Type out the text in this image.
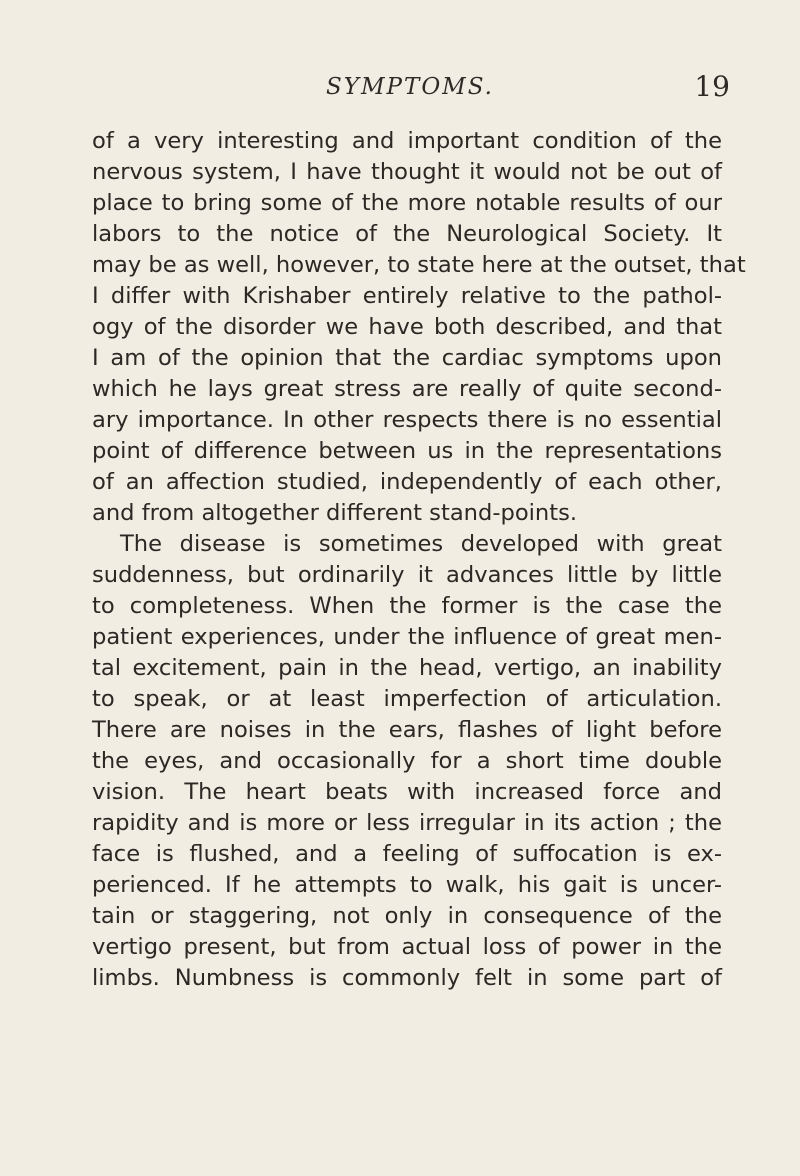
SYMPTOMS.	19
of a very interesting and important condition of the
nervous system, I have thought it would not be out of
place to bring some of the more notable results of our
labors to the notice of the Neurological Society. It
may be as well, however, to state here at the outset, that
I differ with Krishaber entirely relative to the pathol-
ogy of the disorder we have both described, and that
I am of the opinion that the cardiac symptoms upon
which he lays great stress are really of quite second-
ary importance. In other respects there is no essential
point of difference between us in the representations
of an affection studied, independently of each other,
and from altogether different stand-points.
The disease is sometimes developed with great
suddenness, but ordinarily it advances little by little
to completeness. When the former is the case the
patient experiences, under the influence of great men-
tal excitement, pain in the head, vertigo, an inability
to speak, or at least imperfection of articulation.
There are noises in the ears, flashes of light before
the eyes, and occasionally for a short time double
vision. The heart beats with increased force and
rapidity and is more or less irregular in its action ; the
face is flushed, and a feeling of suffocation is ex-
perienced. If he attempts to walk, his gait is uncer-
tain or staggering, not only in consequence of the
vertigo present, but from actual loss of power in the
limbs. Numbness is commonly felt in some part of
